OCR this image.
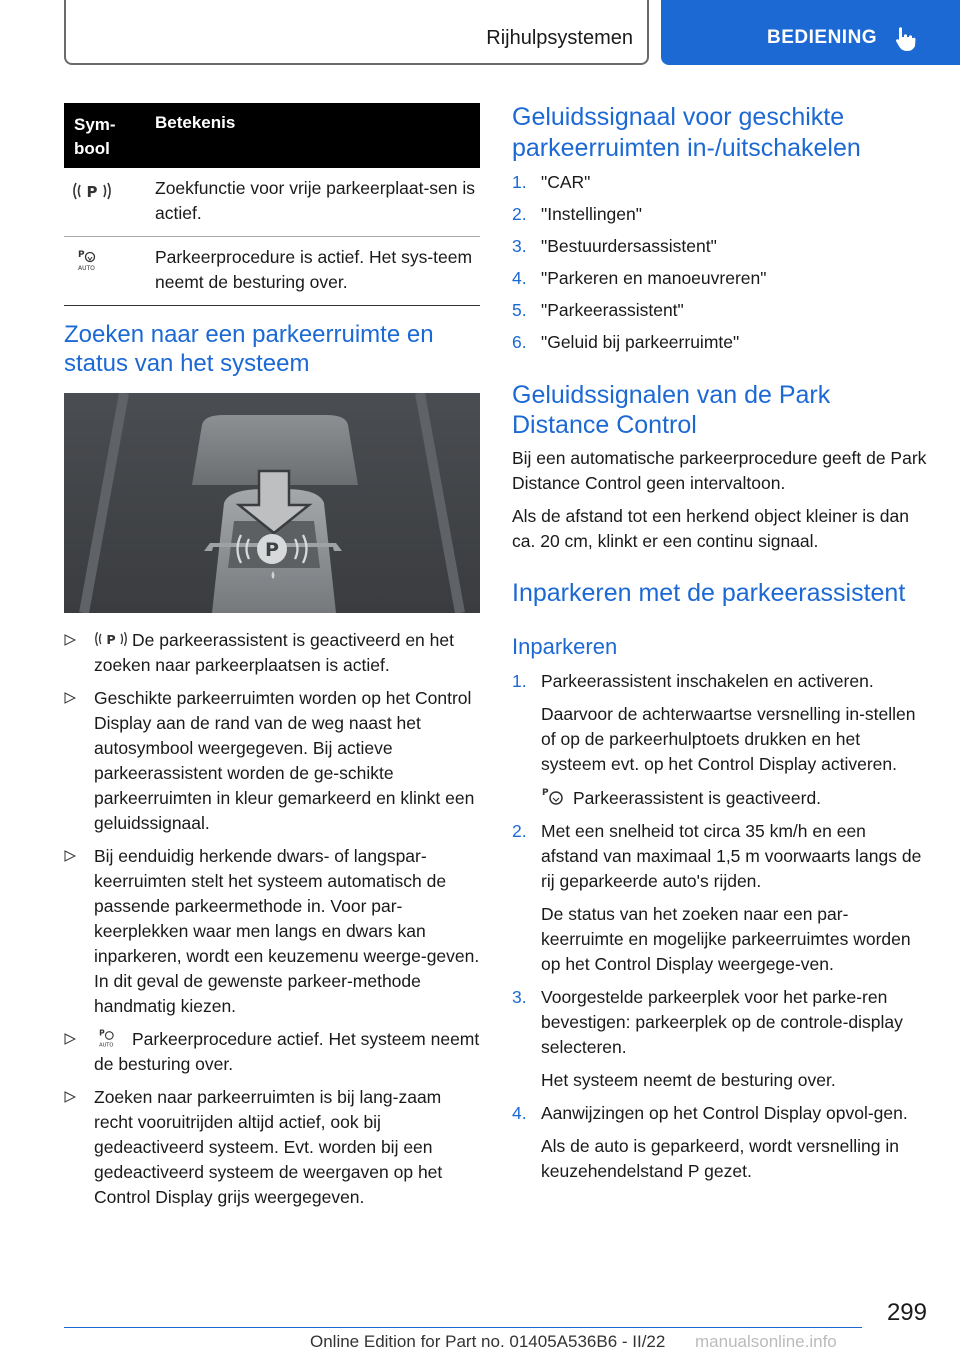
Rijhulpsystemen	BEDIENING
Sym-
bool
Betekenis
P	Zoekfunctie voor vrije parkeerplaat-sen is actief.
P
AUTO
Parkeerprocedure is actief. Het sys-teem neemt de besturing over.
Zoeken naar een parkeerruimte en status van het systeem
P
P De parkeerassistent is geactiveerd en het zoeken naar parkeerplaatsen is actief.
Geschikte parkeerruimten worden op het Control Display aan de rand van de weg naast het autosymbool weergegeven. Bij actieve parkeerassistent worden de ge-schikte parkeerruimten in kleur gemarkeerd en klinkt een geluidssignaal.
Bij eenduidig herkende dwars- of langspar-keerruimten stelt het systeem automatisch de passende parkeermethode in. Voor par-keerplekken waar men langs en dwars kan inparkeren, wordt een keuzemenu weerge-geven. In dit geval de gewenste parkeer-methode handmatig kiezen.
P
AUTO Parkeerprocedure actief. Het systeem neemt de besturing over.
Zoeken naar parkeerruimten is bij lang-zaam recht vooruitrijden altijd actief, ook bij gedeactiveerd systeem. Evt. worden bij een gedeactiveerd systeem de weergaven op het Control Display grijs weergegeven.
Geluidssignaal voor geschikte parkeerruimten in-/uitschakelen
1. "CAR"
2. "Instellingen"
3. "Bestuurdersassistent"
4. "Parkeren en manoeuvreren"
5. "Parkeerassistent"
6. "Geluid bij parkeerruimte"
Geluidssignalen van de Park Distance Control

Bij een automatische parkeerprocedure geeft de Park Distance Control geen intervaltoon.

Als de afstand tot een herkend object kleiner is dan ca. 20 cm, klinkt er een continu signaal.

Inparkeren met de parkeerassistent
Inparkeren
1. Parkeerassistent inschakelen en activeren.
Daarvoor de achterwaartse versnelling in-stellen of op de parkeerhulptoets drukken en het systeem evt. op het Control Display activeren.
P Parkeerassistent is geactiveerd.
2. Met een snelheid tot circa 35 km/h en een afstand van maximaal 1,5 m voorwaarts langs de rij geparkeerde auto's rijden.
De status van het zoeken naar een par-keerruimte en mogelijke parkeerruimtes worden op het Control Display weergege-ven.
3. Voorgestelde parkeerplek voor het parke-ren bevestigen: parkeerplek op de controle-display selecteren.
Het systeem neemt de besturing over.
4. Aanwijzingen op het Control Display opvol-gen.
Als de auto is geparkeerd, wordt versnelling in keuzehendelstand P gezet.
299
Online Edition for Part no. 01405A536B6 - II/22 manualsonline.info
